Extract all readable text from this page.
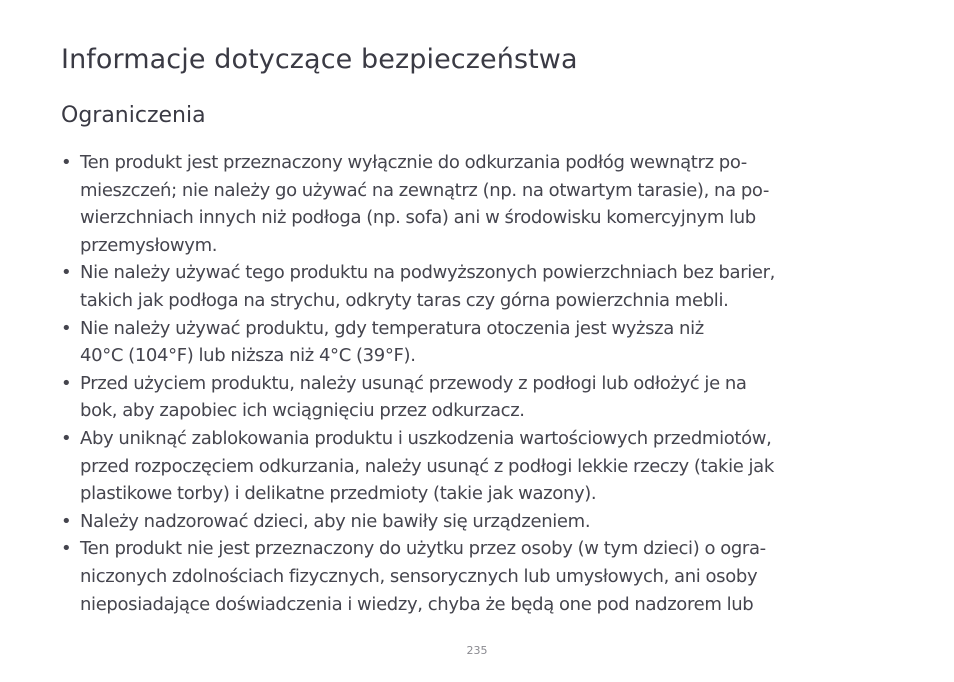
Informacje dotyczące bezpieczeństwa
Ograniczenia
• Ten produkt jest przeznaczony wyłącznie do odkurzania podłóg wewnątrz po-
mieszczeń; nie należy go używać na zewnątrz (np. na otwartym tarasie), na po-
wierzchniach innych niż podłoga (np. sofa) ani w środowisku komercyjnym lub
przemysłowym.
• Nie należy używać tego produktu na podwyższonych powierzchniach bez barier,
takich jak podłoga na strychu, odkryty taras czy górna powierzchnia mebli.
• Nie należy używać produktu, gdy temperatura otoczenia jest wyższa niż
40°C (104°F) lub niższa niż 4°C (39°F).
• Przed użyciem produktu, należy usunąć przewody z podłogi lub odłożyć je na
bok, aby zapobiec ich wciągnięciu przez odkurzacz.
• Aby uniknąć zablokowania produktu i uszkodzenia wartościowych przedmiotów,
przed rozpoczęciem odkurzania, należy usunąć z podłogi lekkie rzeczy (takie jak
plastikowe torby) i delikatne przedmioty (takie jak wazony).
• Należy nadzorować dzieci, aby nie bawiły się urządzeniem.
• Ten produkt nie jest przeznaczony do użytku przez osoby (w tym dzieci) o ogra-
niczonych zdolnościach fizycznych, sensorycznych lub umysłowych, ani osoby
nieposiadające doświadczenia i wiedzy, chyba że będą one pod nadzorem lub
235
